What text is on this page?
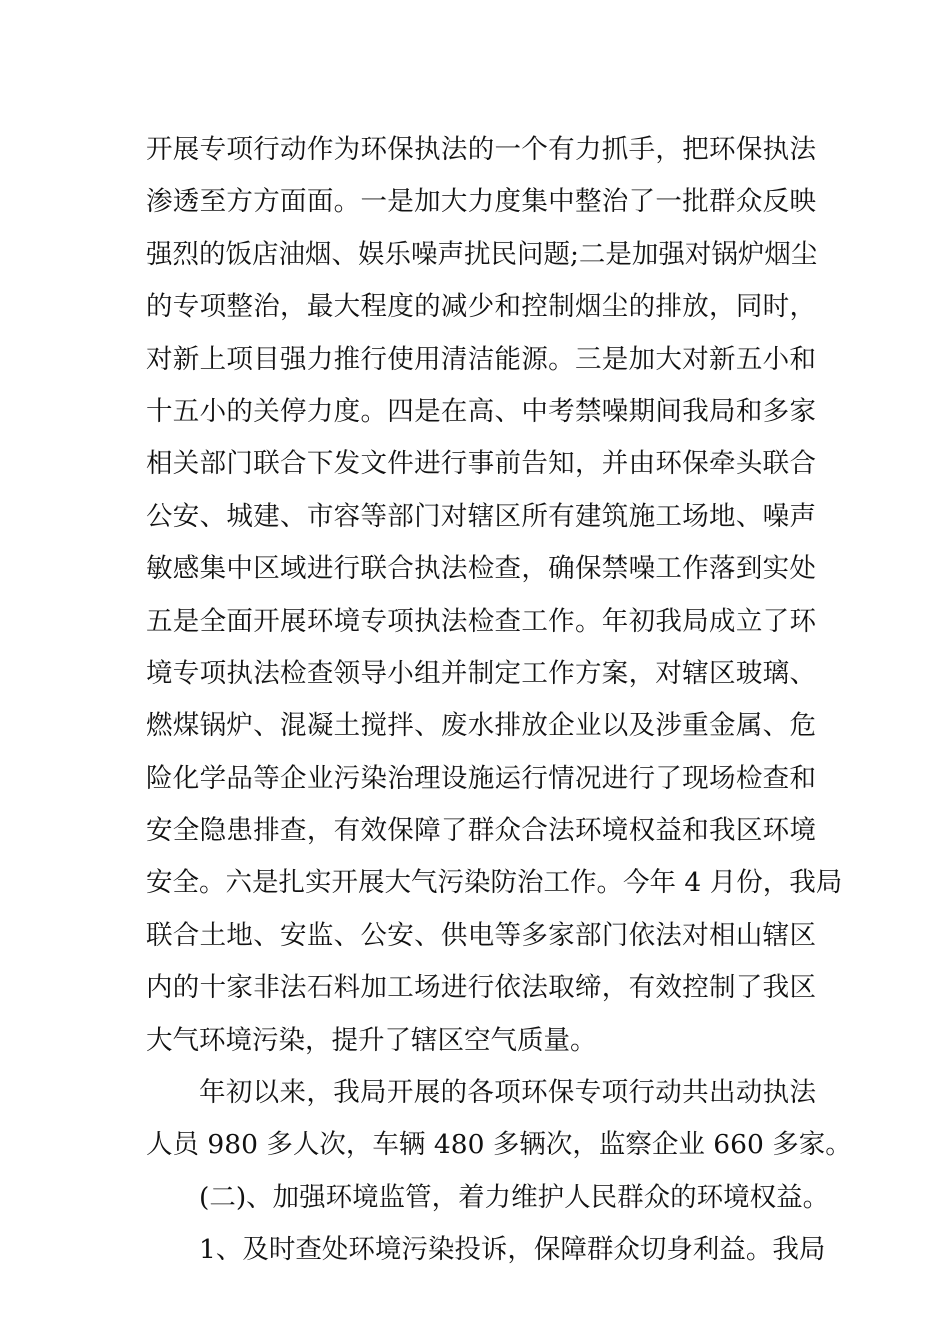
开展专项行动作为环保执法的一个有力抓手，把环保执法
渗透至方方面面。一是加大力度集中整治了一批群众反映
强烈的饭店油烟、娱乐噪声扰民问题;二是加强对锅炉烟尘
的专项整治，最大程度的减少和控制烟尘的排放，同时，
对新上项目强力推行使用清洁能源。三是加大对新五小和
十五小的关停力度。四是在高、中考禁噪期间我局和多家
相关部门联合下发文件进行事前告知，并由环保牵头联合
公安、城建、市容等部门对辖区所有建筑施工场地、噪声
敏感集中区域进行联合执法检查，确保禁噪工作落到实处
五是全面开展环境专项执法检查工作。年初我局成立了环
境专项执法检查领导小组并制定工作方案，对辖区玻璃、
燃煤锅炉、混凝土搅拌、废水排放企业以及涉重金属、危
险化学品等企业污染治理设施运行情况进行了现场检查和
安全隐患排查，有效保障了群众合法环境权益和我区环境
安全。六是扎实开展大气污染防治工作。今年 4 月份，我局
联合土地、安监、公安、供电等多家部门依法对相山辖区
内的十家非法石料加工场进行依法取缔，有效控制了我区
大气环境污染，提升了辖区空气质量。
年初以来，我局开展的各项环保专项行动共出动执法
人员 980 多人次，车辆 480 多辆次，监察企业 660 多家。
(二)、加强环境监管，着力维护人民群众的环境权益。
1、及时查处环境污染投诉，保障群众切身利益。我局
